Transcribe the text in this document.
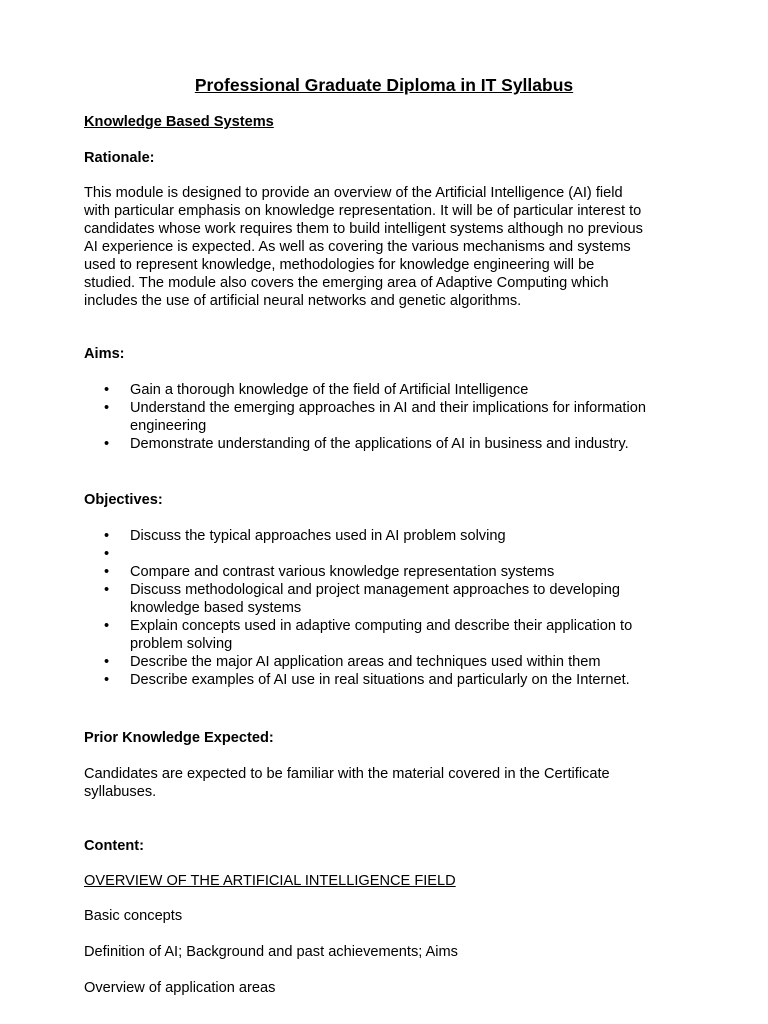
Professional Graduate Diploma in IT Syllabus
Knowledge Based Systems
Rationale:
This module is designed to provide an overview of the Artificial Intelligence (AI) field
with particular emphasis on knowledge representation. It will be of particular interest to
candidates whose work requires them to build intelligent systems although no previous
AI experience is expected. As well as covering the various mechanisms and systems
used to represent knowledge, methodologies for knowledge engineering will be
studied. The module also covers the emerging area of Adaptive Computing which
includes the use of artificial neural networks and genetic algorithms.
Aims:
• Gain a thorough knowledge of the field of Artificial Intelligence
• Understand the emerging approaches in AI and their implications for information engineering
• Demonstrate understanding of the applications of AI in business and industry.
Objectives:
• Discuss the typical approaches used in AI problem solving
•
• Compare and contrast various knowledge representation systems
• Discuss methodological and project management approaches to developing knowledge based systems
• Explain concepts used in adaptive computing and describe their application to problem solving
• Describe the major AI application areas and techniques used within them
• Describe examples of AI use in real situations and particularly on the Internet.
Prior Knowledge Expected:
Candidates are expected to be familiar with the material covered in the Certificate
syllabuses.
Content:
OVERVIEW OF THE ARTIFICIAL INTELLIGENCE FIELD
Basic concepts
Definition of AI; Background and past achievements; Aims
Overview of application areas
